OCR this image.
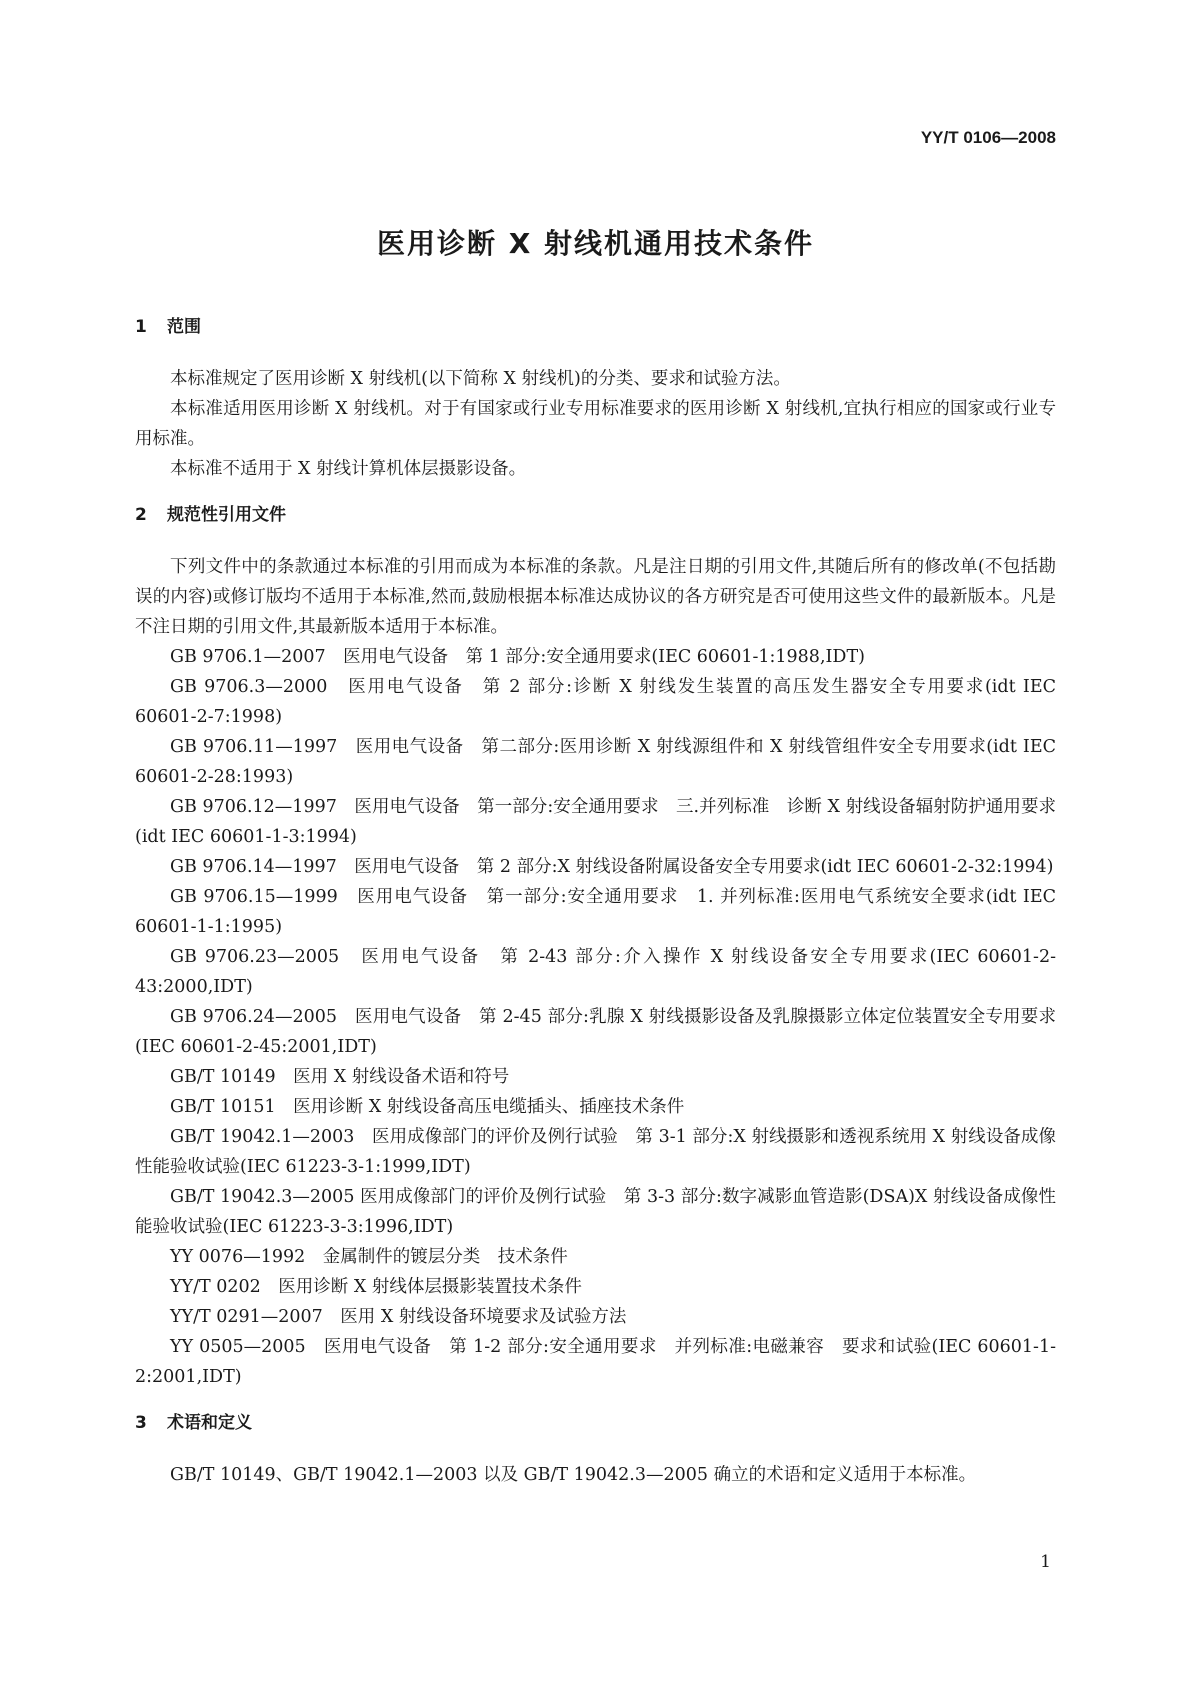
YY/T 0106—2008
医用诊断 X 射线机通用技术条件
1 范围

本标准规定了医用诊断 X 射线机(以下简称 X 射线机)的分类、要求和试验方法。

本标准适用医用诊断 X 射线机。对于有国家或行业专用标准要求的医用诊断 X 射线机,宜执行相应的国家或行业专用标准。

本标准不适用于 X 射线计算机体层摄影设备。

2 规范性引用文件

下列文件中的条款通过本标准的引用而成为本标准的条款。凡是注日期的引用文件,其随后所有的修改单(不包括勘误的内容)或修订版均不适用于本标准,然而,鼓励根据本标准达成协议的各方研究是否可使用这些文件的最新版本。凡是不注日期的引用文件,其最新版本适用于本标准。

GB 9706.1—2007　医用电气设备　第 1 部分:安全通用要求(IEC 60601-1:1988,IDT)

GB 9706.3—2000　医用电气设备　第 2 部分:诊断 X 射线发生装置的高压发生器安全专用要求(idt IEC 60601-2-7:1998)

GB 9706.11—1997　医用电气设备　第二部分:医用诊断 X 射线源组件和 X 射线管组件安全专用要求(idt IEC 60601-2-28:1993)

GB 9706.12—1997　医用电气设备　第一部分:安全通用要求　三.并列标准　诊断 X 射线设备辐射防护通用要求 (idt IEC 60601-1-3:1994)

GB 9706.14—1997　医用电气设备　第 2 部分:X 射线设备附属设备安全专用要求(idt IEC 60601-2-32:1994)

GB 9706.15—1999　医用电气设备　第一部分:安全通用要求　1. 并列标准:医用电气系统安全要求(idt IEC 60601-1-1:1995)

GB 9706.23—2005　医用电气设备　第 2-43 部分:介入操作 X 射线设备安全专用要求(IEC 60601-2-43:2000,IDT)

GB 9706.24—2005　医用电气设备　第 2-45 部分:乳腺 X 射线摄影设备及乳腺摄影立体定位装置安全专用要求(IEC 60601-2-45:2001,IDT)

GB/T 10149　医用 X 射线设备术语和符号

GB/T 10151　医用诊断 X 射线设备高压电缆插头、插座技术条件

GB/T 19042.1—2003　医用成像部门的评价及例行试验　第 3-1 部分:X 射线摄影和透视系统用 X 射线设备成像性能验收试验(IEC 61223-3-1:1999,IDT)

GB/T 19042.3—2005 医用成像部门的评价及例行试验　第 3-3 部分:数字减影血管造影(DSA)X 射线设备成像性能验收试验(IEC 61223-3-3:1996,IDT)

YY 0076—1992　金属制件的镀层分类　技术条件

YY/T 0202　医用诊断 X 射线体层摄影装置技术条件

YY/T 0291—2007　医用 X 射线设备环境要求及试验方法

YY 0505—2005　医用电气设备　第 1-2 部分:安全通用要求　并列标准:电磁兼容　要求和试验(IEC 60601-1-2:2001,IDT)

3 术语和定义

GB/T 10149、GB/T 19042.1—2003 以及 GB/T 19042.3—2005 确立的术语和定义适用于本标准。

1
